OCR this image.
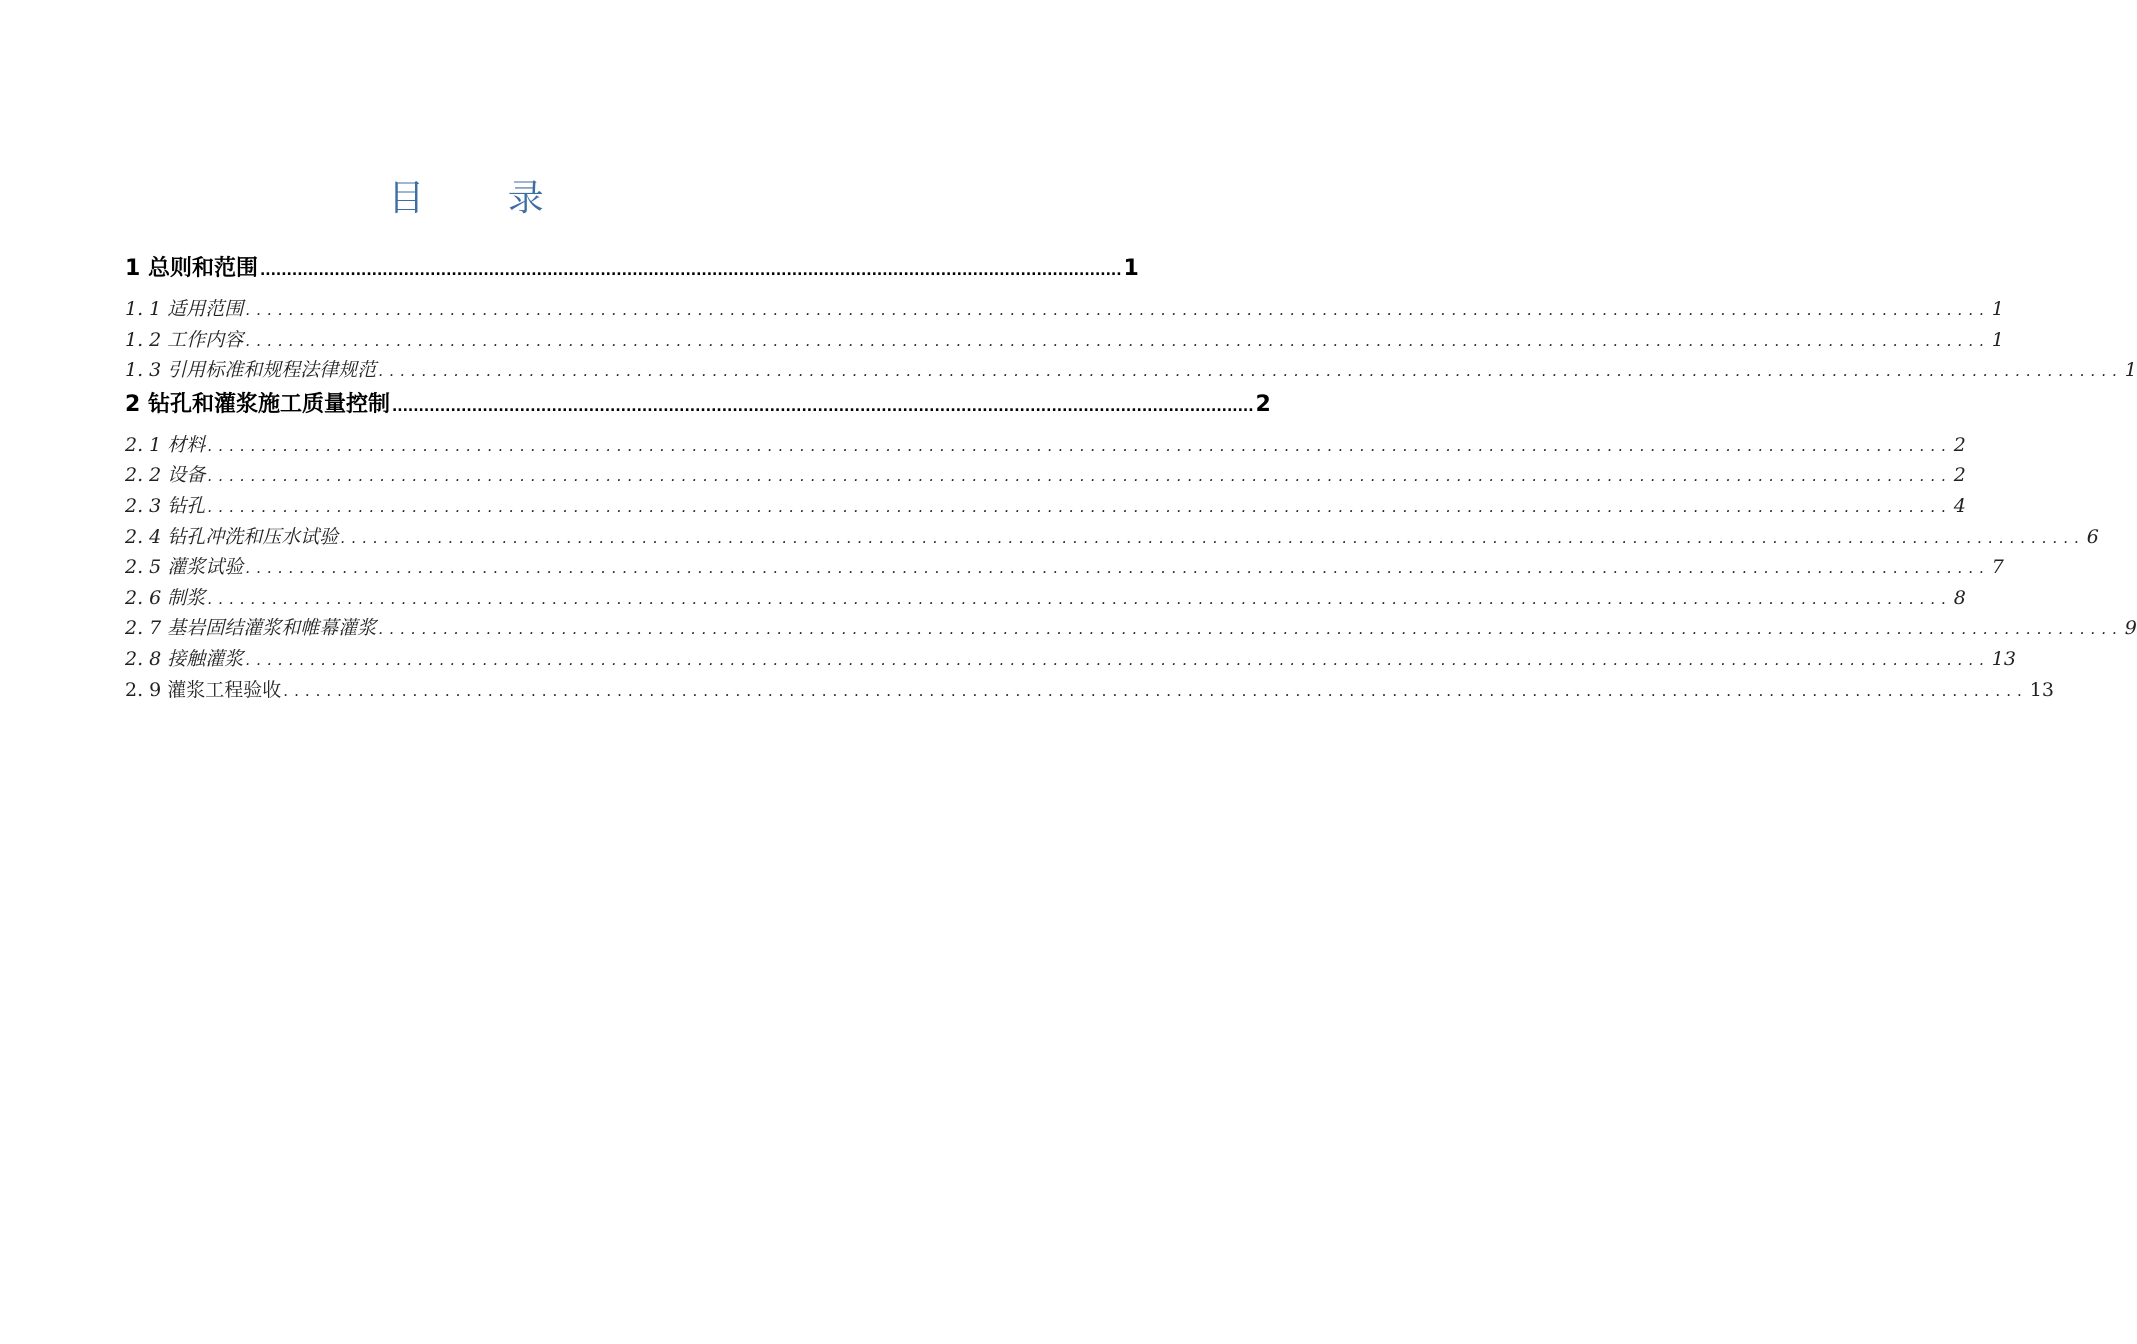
目 录
1 总则和范围 .................................................................................................................................................................. 1
1. 1 适用范围 .................................................................................................................................................................. 1
1. 2 工作内容 .................................................................................................................................................................. 1
1. 3 引用标准和规程法律规范 .................................................................................................................................................................. 1
2 钻孔和灌浆施工质量控制 .................................................................................................................................................................. 2
2. 1 材料 .................................................................................................................................................................. 2
2. 2 设备 .................................................................................................................................................................. 2
2. 3 钻孔 .................................................................................................................................................................. 4
2. 4 钻孔冲洗和压水试验 .................................................................................................................................................................. 6
2. 5 灌浆试验 .................................................................................................................................................................. 7
2. 6 制浆 .................................................................................................................................................................. 8
2. 7 基岩固结灌浆和帷幕灌浆 .................................................................................................................................................................. 9
2. 8 接触灌浆 .................................................................................................................................................................. 13
2. 9 灌浆工程验收 .................................................................................................................................................................. 13
